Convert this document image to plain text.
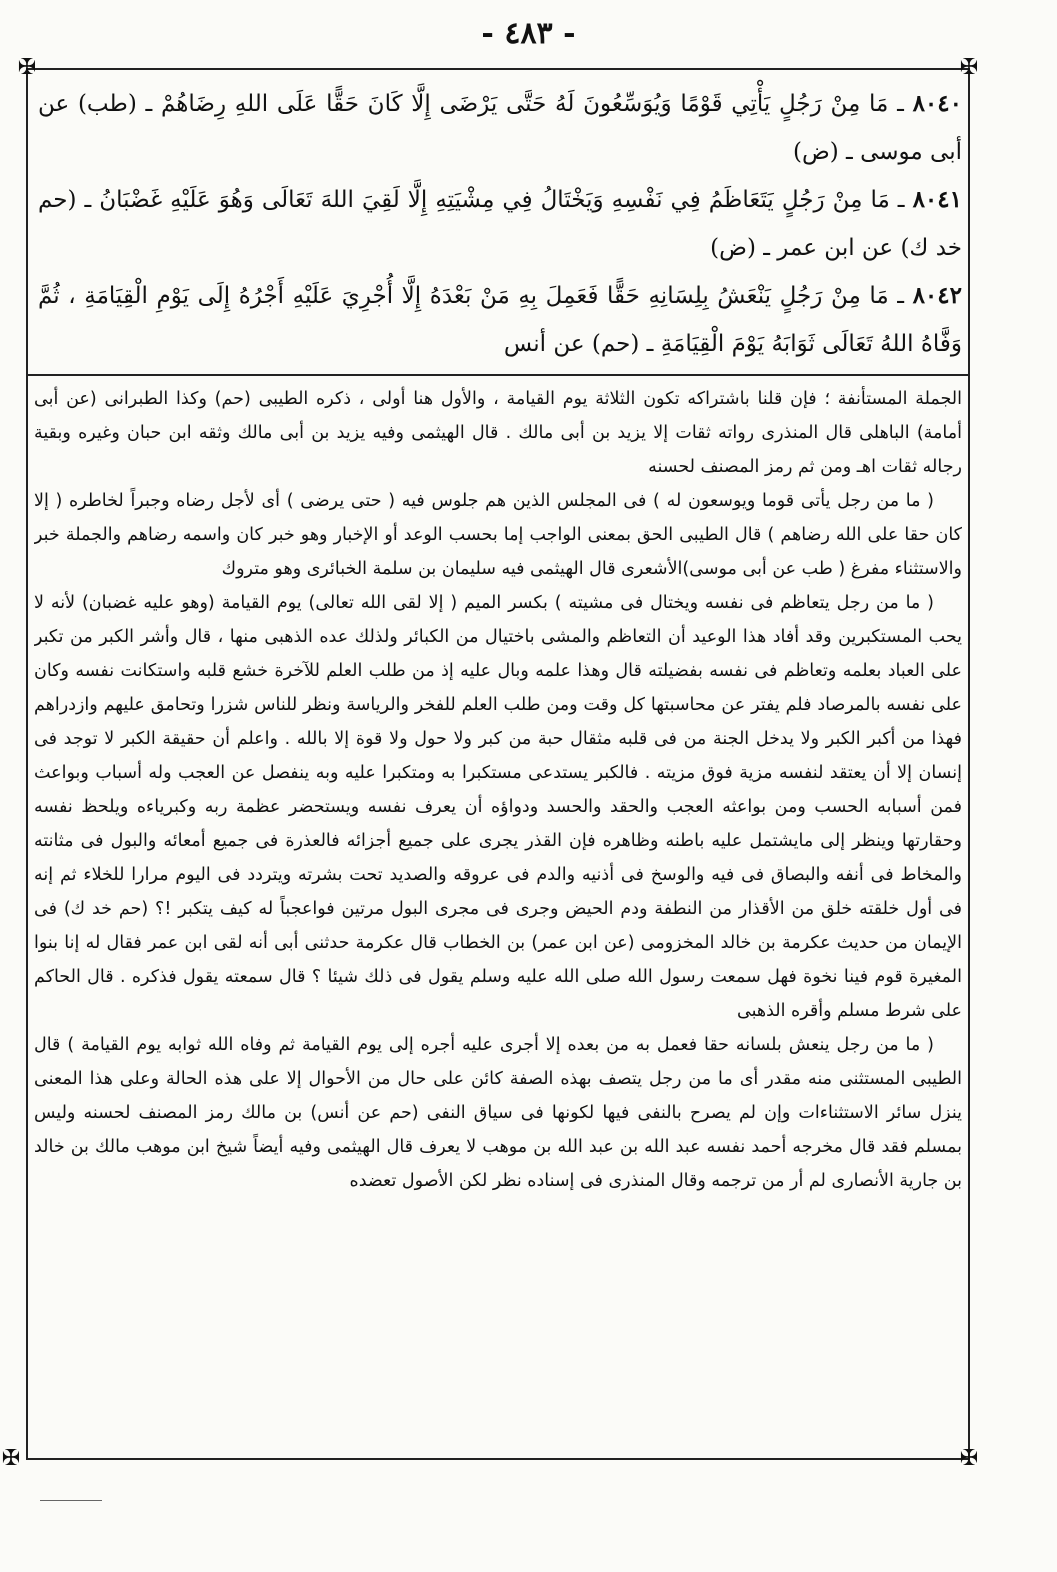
- ٤٨٣ -
✠	✠
✠	✠

٨٠٤٠ ـ مَا مِنْ رَجُلٍ يَأْتِي قَوْمًا وَيُوَسِّعُونَ لَهُ حَتَّى يَرْضَى إِلَّا كَانَ حَقًّا عَلَى اللهِ رِضَاهُمْ ـ (طب) عن أبى موسى ـ (ض)

٨٠٤١ ـ مَا مِنْ رَجُلٍ يَتَعَاظَمُ فِي نَفْسِهِ وَيَخْتَالُ فِي مِشْيَتِهِ إِلَّا لَقِيَ اللهَ تَعَالَى وَهُوَ عَلَيْهِ غَضْبَانُ ـ (حم خد ك) عن ابن عمر ـ (ض)

٨٠٤٢ ـ مَا مِنْ رَجُلٍ يَنْعَشُ بِلِسَانِهِ حَقًّا فَعَمِلَ بِهِ مَنْ بَعْدَهُ إِلَّا أُجْرِيَ عَلَيْهِ أَجْرُهُ إِلَى يَوْمِ الْقِيَامَةِ ، ثُمَّ وَفَّاهُ اللهُ تَعَالَى ثَوَابَهُ يَوْمَ الْقِيَامَةِ ـ (حم) عن أنس

الجملة المستأنفة ؛ فإن قلنا باشتراكه تكون الثلاثة يوم القيامة ، والأول هنا أولى ، ذكره الطيبى (حم) وكذا الطبرانى (عن أبى أمامة) الباهلى قال المنذرى رواته ثقات إلا يزيد بن أبى مالك . قال الهيثمى وفيه يزيد بن أبى مالك وثقه ابن حبان وغيره وبقية رجاله ثقات اهـ ومن ثم رمز المصنف لحسنه

( ما من رجل يأتى قوما ويوسعون له ) فى المجلس الذين هم جلوس فيه ( حتى يرضى ) أى لأجل رضاه وجبراً لخاطره ( إلا كان حقا على الله رضاهم ) قال الطيبى الحق بمعنى الواجب إما بحسب الوعد أو الإخبار وهو خبر كان واسمه رضاهم والجملة خبر والاستثناء مفرغ ( طب عن أبى موسى)الأشعرى قال الهيثمى فيه سليمان بن سلمة الخبائرى وهو متروك

( ما من رجل يتعاظم فى نفسه ويختال فى مشيته ) بكسر الميم ( إلا لقى الله تعالى) يوم القيامة (وهو عليه غضبان) لأنه لا يحب المستكبرين وقد أفاد هذا الوعيد أن التعاظم والمشى باختيال من الكبائر ولذلك عده الذهبى منها ، قال وأشر الكبر من تكبر على العباد بعلمه وتعاظم فى نفسه بفضيلته قال وهذا علمه وبال عليه إذ من طلب العلم للآخرة خشع قلبه واستكانت نفسه وكان على نفسه بالمرصاد فلم يفتر عن محاسبتها كل وقت ومن طلب العلم للفخر والرياسة ونظر للناس شزرا وتحامق عليهم وازدراهم فهذا من أكبر الكبر ولا يدخل الجنة من فى قلبه مثقال حبة من كبر ولا حول ولا قوة إلا بالله . واعلم أن حقيقة الكبر لا توجد فى إنسان إلا أن يعتقد لنفسه مزية فوق مزيته . فالكبر يستدعى مستكبرا به ومتكبرا عليه وبه ينفصل عن العجب وله أسباب وبواعث فمن أسبابه الحسب ومن بواعثه العجب والحقد والحسد ودواؤه أن يعرف نفسه ويستحضر عظمة ربه وكبرياءه ويلحظ نفسه وحقارتها وينظر إلى مايشتمل عليه باطنه وظاهره فإن القذر يجرى على جميع أجزائه فالعذرة فى جميع أمعائه والبول فى مثانته والمخاط فى أنفه والبصاق فى فيه والوسخ فى أذنيه والدم فى عروقه والصديد تحت بشرته ويتردد فى اليوم مرارا للخلاء ثم إنه فى أول خلقته خلق من الأقذار من النطفة ودم الحيض وجرى فى مجرى البول مرتين فواعجباً له كيف يتكبر !؟ (حم خد ك) فى الإيمان من حديث عكرمة بن خالد المخزومى (عن ابن عمر) بن الخطاب قال عكرمة حدثنى أبى أنه لقى ابن عمر فقال له إنا بنوا المغيرة قوم فينا نخوة فهل سمعت رسول الله صلى الله عليه وسلم يقول فى ذلك شيئا ؟ قال سمعته يقول فذكره . قال الحاكم على شرط مسلم وأقره الذهبى

( ما من رجل ينعش بلسانه حقا فعمل به من بعده إلا أجرى عليه أجره إلى يوم القيامة ثم وفاه الله ثوابه يوم القيامة ) قال الطيبى المستثنى منه مقدر أى ما من رجل يتصف بهذه الصفة كائن على حال من الأحوال إلا على هذه الحالة وعلى هذا المعنى ينزل سائر الاستثناءات وإن لم يصرح بالنفى فيها لكونها فى سياق النفى (حم عن أنس) بن مالك رمز المصنف لحسنه وليس بمسلم فقد قال مخرجه أحمد نفسه عبد الله بن عبد الله بن موهب لا يعرف قال الهيثمى وفيه أيضاً شيخ ابن موهب مالك بن خالد بن جارية الأنصارى لم أر من ترجمه وقال المنذرى فى إسناده نظر لكن الأصول تعضده
